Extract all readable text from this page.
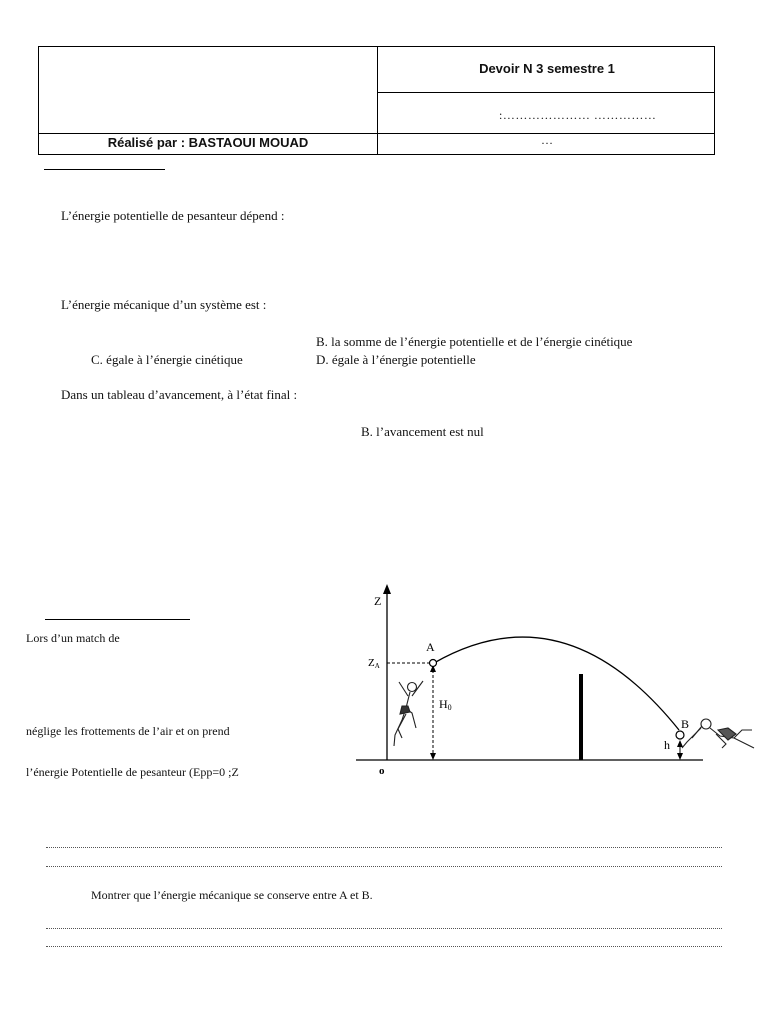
Devoir N 3 semestre 1
:………………… ……………
Réalisé par : BASTAOUI MOUAD	…
L’énergie potentielle de pesanteur dépend :
L’énergie mécanique d’un système est :
B. la somme de l’énergie potentielle et de l’énergie cinétique
C. égale à l’énergie cinétique	D. égale à l’énergie potentielle
Dans un tableau d’avancement, à l’état final :
B. l’avancement est nul
Lors d’un match de
néglige les frottements de l’air et on prend
l’énergie Potentielle de pesanteur (Epp=0 ;Z
Z
ZA
H0
A
B
h
o
Montrer que l’énergie mécanique se conserve entre A et B.
